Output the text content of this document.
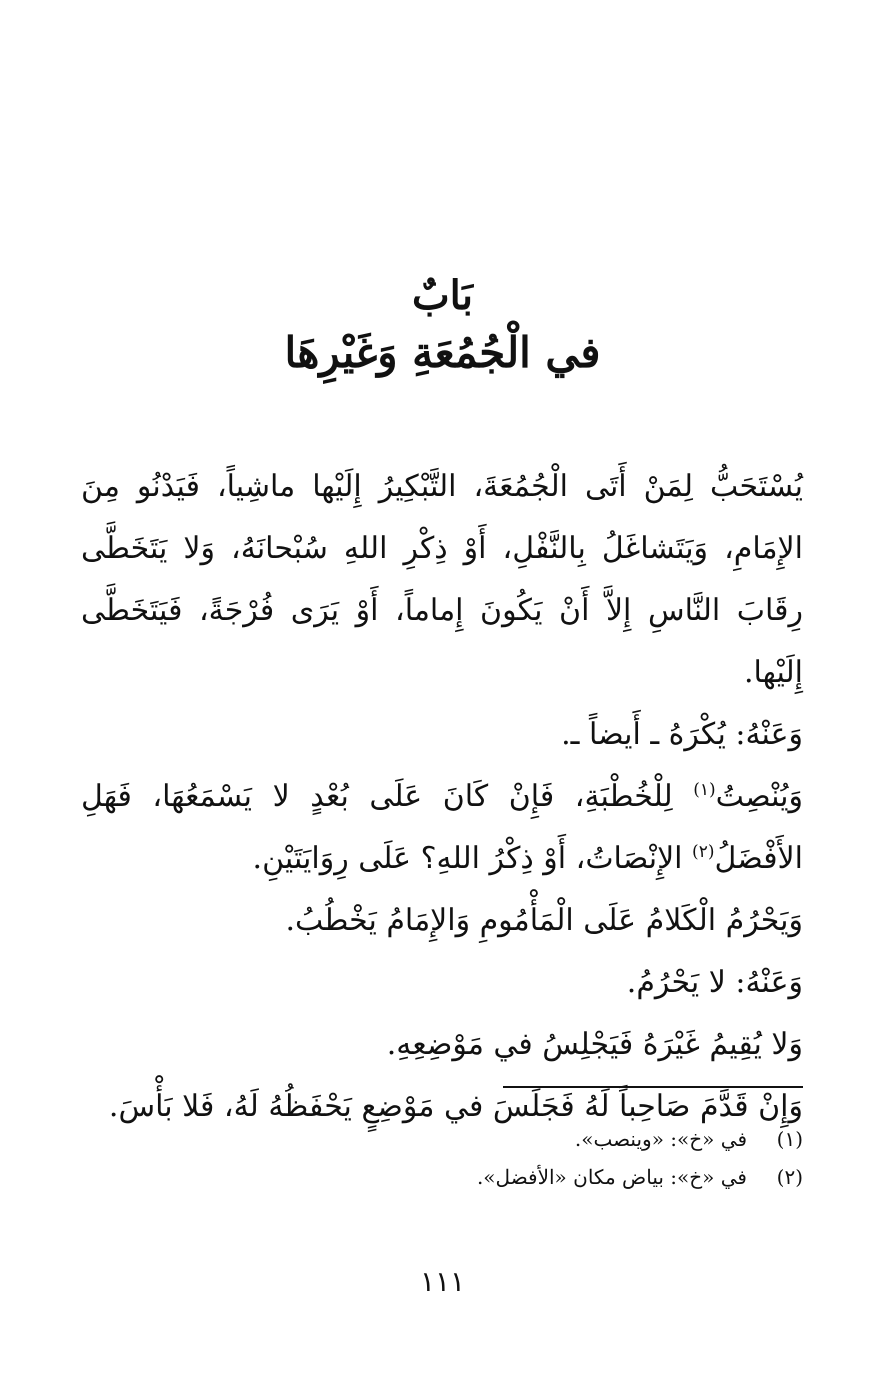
بَابٌ
في الْجُمُعَةِ وَغَيْرِهَا

يُسْتَحَبُّ لِمَنْ أَتَى الْجُمُعَةَ، التَّبْكِيرُ إِلَيْها ماشِياً، فَيَدْنُو مِنَ الإِمَامِ، وَيَتَشاغَلُ بِالنَّفْلِ، أَوْ ذِكْرِ اللهِ سُبْحانَهُ، وَلا يَتَخَطَّى رِقَابَ النَّاسِ إِلاَّ أَنْ يَكُونَ إِماماً، أَوْ يَرَى فُرْجَةً، فَيَتَخَطَّى إِلَيْها.

وَعَنْهُ: يُكْرَهُ ـ أَيضاً ـ.

وَيُنْصِتُ$^{(١)}$ لِلْخُطْبَةِ، فَإِنْ كَانَ عَلَى بُعْدٍ لا يَسْمَعُهَا، فَهَلِ الأَفْضَلُ$^{(٢)}$ الإِنْصَاتُ، أَوْ ذِكْرُ اللهِ؟ عَلَى رِوَايَتَيْنِ.

وَيَحْرُمُ الْكَلامُ عَلَى الْمَأْمُومِ وَالإِمَامُ يَخْطُبُ.

وَعَنْهُ: لا يَحْرُمُ.

وَلا يُقِيمُ غَيْرَهُ فَيَجْلِسُ في مَوْضِعِهِ.

وَإِنْ قَدَّمَ صَاحِباً لَهُ فَجَلَسَ في مَوْضِعٍ يَحْفَظُهُ لَهُ، فَلا بَأْسَ.

(١)
في «خ»: «وينصب».
(٢)
في «خ»: بياض مكان «الأفضل».
١١١
